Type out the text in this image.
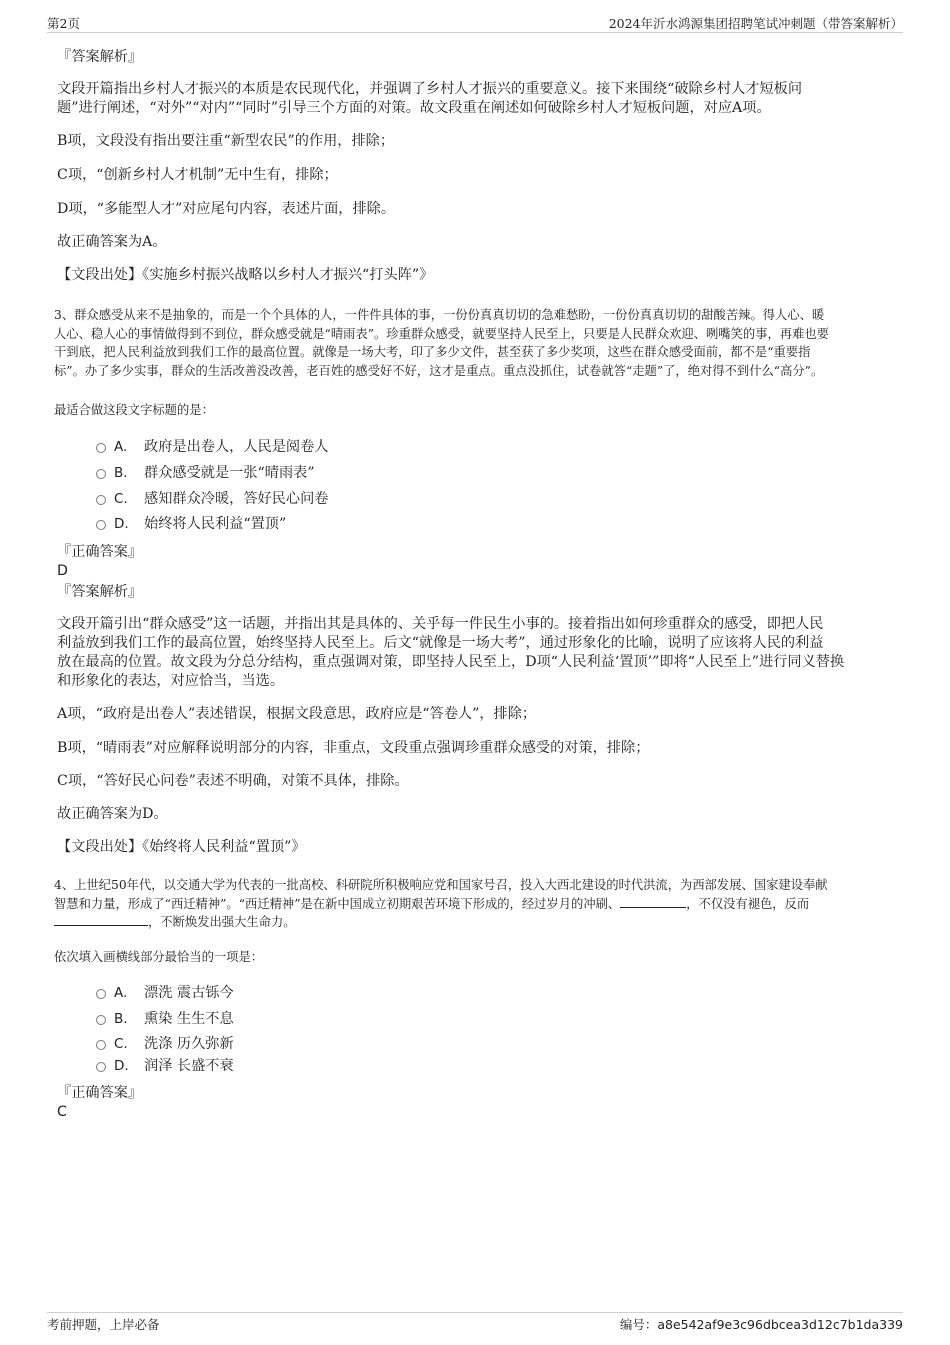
第2页	2024年沂水鸿源集团招聘笔试冲刺题（带答案解析）
『答案解析』
文段开篇指出乡村人才振兴的本质是农民现代化，并强调了乡村人才振兴的重要意义。接下来围绕“破除乡村人才短板问
题”进行阐述，“对外”“对内”“同时”引导三个方面的对策。故文段重在阐述如何破除乡村人才短板问题，对应A项。
B项，文段没有指出要注重“新型农民”的作用，排除；
C项，“创新乡村人才机制”无中生有，排除；
D项，“多能型人才”对应尾句内容，表述片面，排除。
故正确答案为A。
【文段出处】《实施乡村振兴战略以乡村人才振兴“打头阵”》
3、群众感受从来不是抽象的，而是一个个具体的人，一件件具体的事，一份份真真切切的急难愁盼，一份份真真切切的甜酸苦辣。得人心、暖
人心、稳人心的事情做得到不到位，群众感受就是“晴雨表”。珍重群众感受，就要坚持人民至上，只要是人民群众欢迎、咧嘴笑的事，再难也要
干到底，把人民利益放到我们工作的最高位置。就像是一场大考，印了多少文件，甚至获了多少奖项，这些在群众感受面前，都不是“重要指
标”。办了多少实事，群众的生活改善没改善，老百姓的感受好不好，这才是重点。重点没抓住，试卷就答“走题”了，绝对得不到什么“高分”。
最适合做这段文字标题的是：
A. 政府是出卷人，人民是阅卷人
B. 群众感受就是一张“晴雨表”
C. 感知群众冷暖，答好民心问卷
D. 始终将人民利益“置顶”
『正确答案』
D
『答案解析』
文段开篇引出“群众感受”这一话题，并指出其是具体的、关乎每一件民生小事的。接着指出如何珍重群众的感受，即把人民
利益放到我们工作的最高位置，始终坚持人民至上。后文“就像是一场大考”，通过形象化的比喻，说明了应该将人民的利益
放在最高的位置。故文段为分总分结构，重点强调对策，即坚持人民至上，D项“人民利益‘置顶’”即将“人民至上”进行同义替换
和形象化的表达，对应恰当，当选。
A项，“政府是出卷人”表述错误，根据文段意思，政府应是“答卷人”，排除；
B项，“晴雨表”对应解释说明部分的内容，非重点，文段重点强调珍重群众感受的对策，排除；
C项，“答好民心问卷”表述不明确，对策不具体，排除。
故正确答案为D。
【文段出处】《始终将人民利益“置顶”》
4、上世纪50年代，以交通大学为代表的一批高校、科研院所积极响应党和国家号召，投入大西北建设的时代洪流，为西部发展、国家建设奉献
智慧和力量，形成了“西迁精神”。“西迁精神”是在新中国成立初期艰苦环境下形成的，经过岁月的冲刷、	，不仅没有褪色，反而
，不断焕发出强大生命力。
依次填入画横线部分最恰当的一项是：
A. 漂洗 震古铄今
B. 熏染 生生不息
C. 洗涤 历久弥新
D. 润泽 长盛不衰
『正确答案』
C
考前押题，上岸必备	编号：a8e542af9e3c96dbcea3d12c7b1da339
